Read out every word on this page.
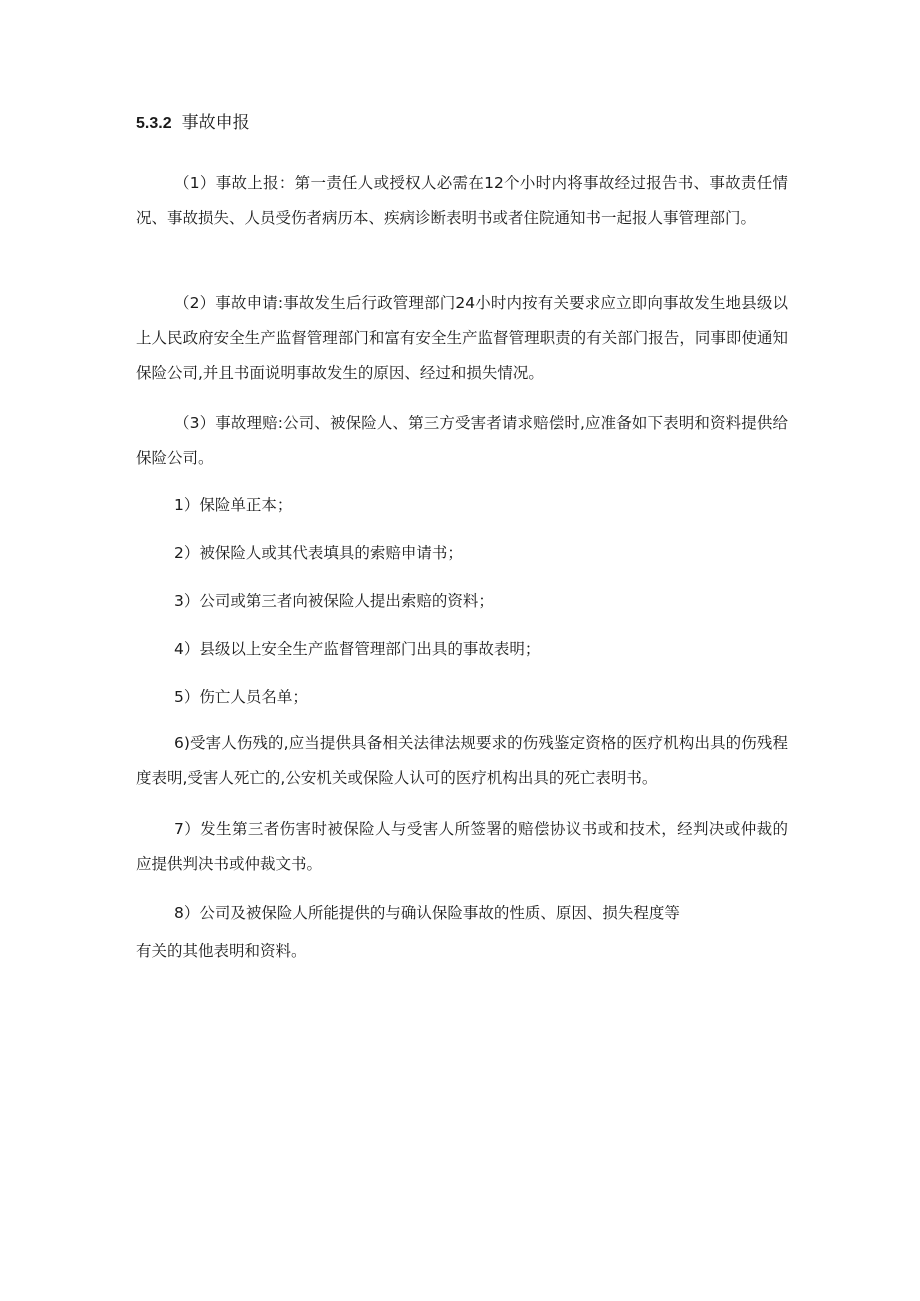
5.3.2 事故申报

（1）事故上报：第一责任人或授权人必需在12个小时内将事故经过报告书、事故责任情况、事故损失、人员受伤者病历本、疾病诊断表明书或者住院通知书一起报人事管理部门。

（2）事故申请:事故发生后行政管理部门24小时内按有关要求应立即向事故发生地县级以上人民政府安全生产监督管理部门和富有安全生产监督管理职责的有关部门报告，同事即使通知保险公司,并且书面说明事故发生的原因、经过和损失情况。

（3）事故理赔:公司、被保险人、第三方受害者请求赔偿时,应准备如下表明和资料提供给保险公司。

1）保险单正本；

2）被保险人或其代表填具的索赔申请书；

3）公司或第三者向被保险人提出索赔的资料；

4）县级以上安全生产监督管理部门出具的事故表明；

5）伤亡人员名单；

6)受害人伤残的,应当提供具备相关法律法规要求的伤残鉴定资格的医疗机构出具的伤残程度表明,受害人死亡的,公安机关或保险人认可的医疗机构出具的死亡表明书。

7）发生第三者伤害时被保险人与受害人所签署的赔偿协议书或和技术，经判决或仲裁的应提供判决书或仲裁文书。

8）公司及被保险人所能提供的与确认保险事故的性质、原因、损失程度等

有关的其他表明和资料。
